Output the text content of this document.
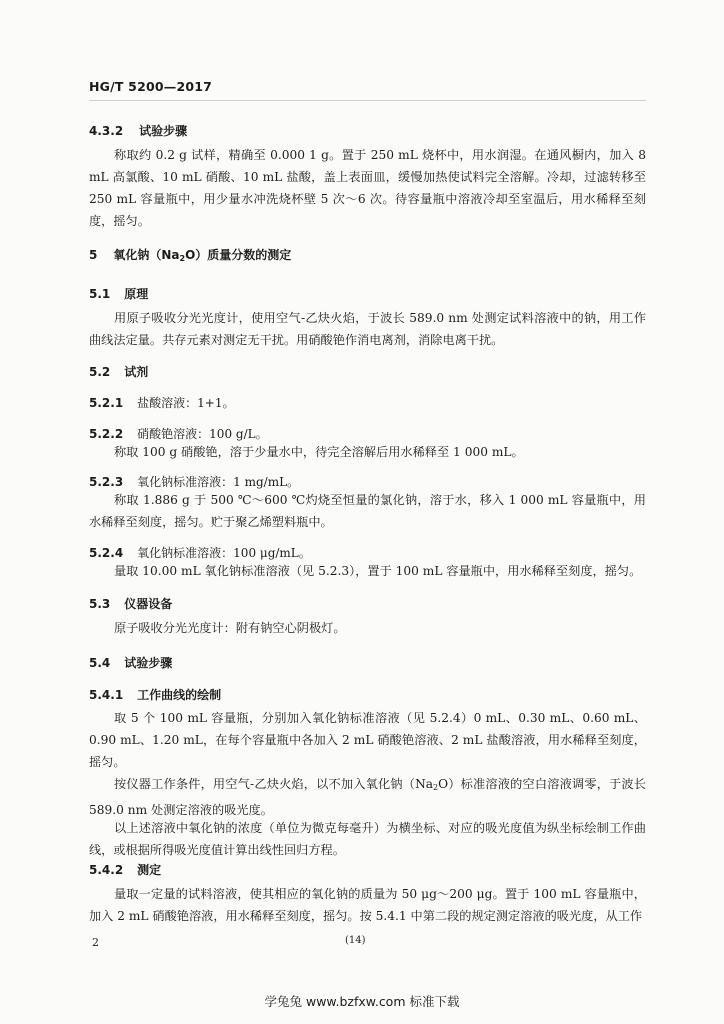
HG/T 5200—2017
4.3.2 试验步骤

称取约 0.2 g 试样，精确至 0.000 1 g。置于 250 mL 烧杯中，用水润湿。在通风橱内，加入 8 mL 高氯酸、10 mL 硝酸、10 mL 盐酸，盖上表面皿，缓慢加热使试料完全溶解。冷却，过滤转移至 250 mL 容量瓶中，用少量水冲洗烧杯壁 5 次～6 次。待容量瓶中溶液冷却至室温后，用水稀释至刻度，摇匀。

5 氧化钠$(Na_2O)$质量分数的测定
5.1 原理

用原子吸收分光光度计，使用空气-乙炔火焰，于波长 589.0 nm 处测定试料溶液中的钠，用工作曲线法定量。共存元素对测定无干扰。用硝酸铯作消电离剂，消除电离干扰。

5.2 试剂
5.2.1 盐酸溶液：1+1。
5.2.2 硝酸铯溶液：100 g/L。

称取 100 g 硝酸铯，溶于少量水中，待完全溶解后用水稀释至 1 000 mL。

5.2.3 氧化钠标准溶液：1 mg/mL。

称取 1.886 g 于 500 ℃～600 ℃灼烧至恒量的氯化钠，溶于水，移入 1 000 mL 容量瓶中，用水稀释至刻度，摇匀。贮于聚乙烯塑料瓶中。

5.2.4 氧化钠标准溶液：100 μg/mL。

量取 10.00 mL 氧化钠标准溶液（见 5.2.3），置于 100 mL 容量瓶中，用水稀释至刻度，摇匀。

5.3 仪器设备

原子吸收分光光度计：附有钠空心阴极灯。

5.4 试验步骤
5.4.1 工作曲线的绘制

取 5 个 100 mL 容量瓶，分别加入氧化钠标准溶液（见 5.2.4）0 mL、0.30 mL、0.60 mL、0.90 mL、1.20 mL，在每个容量瓶中各加入 2 mL 硝酸铯溶液、2 mL 盐酸溶液，用水稀释至刻度，摇匀。

按仪器工作条件，用空气-乙炔火焰，以不加入氧化钠$(Na_2O)$标准溶液的空白溶液调零，于波长 589.0 nm 处测定溶液的吸光度。

以上述溶液中氧化钠的浓度（单位为微克每毫升）为横坐标、对应的吸光度值为纵坐标绘制工作曲线，或根据所得吸光度值计算出线性回归方程。

5.4.2 测定

量取一定量的试料溶液，使其相应的氧化钠的质量为 50 μg～200 μg。置于 100 mL 容量瓶中，加入 2 mL 硝酸铯溶液，用水稀释至刻度，摇匀。按 5.4.1 中第二段的规定测定溶液的吸光度，从工作

2	(14)
学兔兔 www.bzfxw.com 标准下载
